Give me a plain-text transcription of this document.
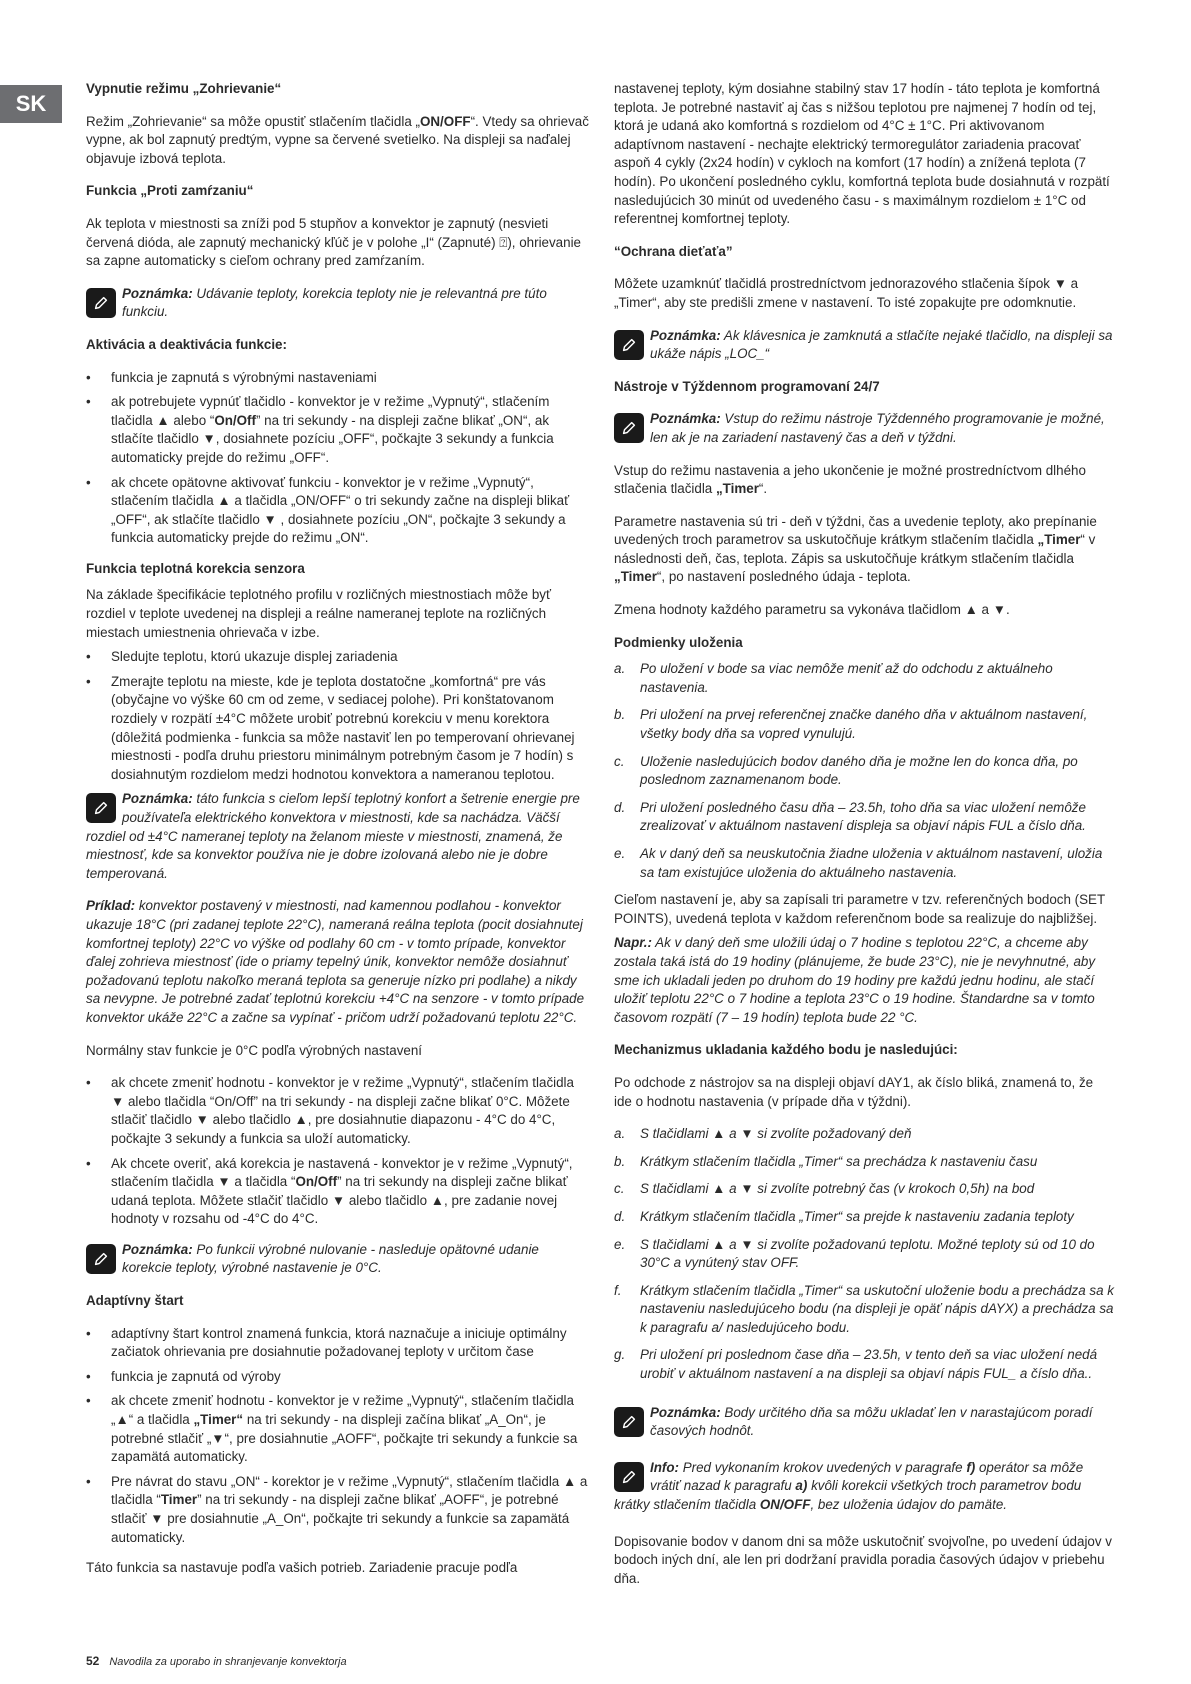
SK
Vypnutie režimu „Zohrievanie“

Režim „Zohrievanie“ sa môže opustiť stlačením tlačidla „ON/OFF“. Vtedy sa ohrievač vypne, ak bol zapnutý predtým, vypne sa červené svetielko. Na displeji sa naďalej objavuje izbová teplota.

Funkcia „Proti zamŕzaniu“

Ak teplota v miestnosti sa zníži pod 5 stupňov a konvektor je zapnutý (nesvieti červená dióda, ale zapnutý mechanický kľúč je v polohe „I“ (Zapnuté) ⍰), ohrievanie sa zapne automaticky s cieľom ochrany pred zamŕzaním.

Poznámka: Udávanie teploty, korekcia teploty nie je relevantná pre túto funkciu.
Aktivácia a deaktivácia funkcie:
• funkcia je zapnutá s výrobnými nastaveniami
• ak potrebujete vypnúť tlačidlo - konvektor je v režime „Vypnutý“, stlačením tlačidla ▲ alebo “On/Off” na tri sekundy - na displeji začne blikať „ON“, ak stlačíte tlačidlo ▼, dosiahnete pozíciu „OFF“, počkajte 3 sekundy a funkcia automaticky prejde do režimu „OFF“.
• ak chcete opätovne aktivovať funkciu - konvektor je v režime „Vypnutý“, stlačením tlačidla ▲ a tlačidla „ON/OFF“ o tri sekundy začne na displeji blikať „OFF“, ak stlačíte tlačidlo ▼ , dosiahnete pozíciu „ON“, počkajte 3 sekundy a funkcia automaticky prejde do režimu „ON“.
Funkcia teplotná korekcia senzora

Na základe špecifikácie teplotného profilu v rozličných miestnostiach môže byť rozdiel v teplote uvedenej na displeji a reálne nameranej teplote na rozličných miestach umiestnenia ohrievača v izbe.

• Sledujte teplotu, ktorú ukazuje displej zariadenia
• Zmerajte teplotu na mieste, kde je teplota dostatočne „komfortná“ pre vás (obyčajne vo výške 60 cm od zeme, v sediacej polohe). Pri konštatovanom rozdiely v rozpätí ±4°C môžete urobiť potrebnú korekciu v menu korektora (dôležitá podmienka - funkcia sa môže nastaviť len po temperovaní ohrievanej miestnosti - podľa druhu priestoru minimálnym potrebným časom je 7 hodín) s dosiahnutým rozdielom medzi hodnotou konvektora a nameranou teplotou.
Poznámka: táto funkcia s cieľom lepší teplotný konfort a šetrenie energie pre používateľa elektrického konvektora v miestnosti, kde sa nachádza. Väčší rozdiel od ±4°C nameranej teploty na želanom mieste v miestnosti, znamená, že miestnosť, kde sa konvektor používa nie je dobre izolovaná alebo nie je dobre temperovaná.

Príklad: konvektor postavený v miestnosti, nad kamennou podlahou - konvektor ukazuje 18°C (pri zadanej teplote 22°C), nameraná reálna teplota (pocit dosiahnutej komfortnej teploty) 22°C vo výške od podlahy 60 cm - v tomto prípade, konvektor ďalej zohrieva miestnosť (ide o priamy tepelný únik, konvektor nemôže dosiahnuť požadovanú teplotu nakoľko meraná teplota sa generuje nízko pri podlahe) a nikdy sa nevypne. Je potrebné zadať teplotnú korekciu +4°C na senzore - v tomto prípade konvektor ukáže 22°C a začne sa vypínať - pričom udrží požadovanú teplotu 22°C.

Normálny stav funkcie je 0°C podľa výrobných nastavení

• ak chcete zmeniť hodnotu - konvektor je v režime „Vypnutý“, stlačením tlačidla ▼ alebo tlačidla “On/Off” na tri sekundy - na displeji začne blikať 0°C. Môžete stlačiť tlačidlo ▼ alebo tlačidlo ▲, pre dosiahnutie diapazonu - 4°C do 4°C, počkajte 3 sekundy a funkcia sa uloží automaticky.
• Ak chcete overiť, aká korekcia je nastavená - konvektor je v režime „Vypnutý“, stlačením tlačidla ▼ a tlačidla “On/Off” na tri sekundy na displeji začne blikať udaná teplota. Môžete stlačiť tlačidlo ▼ alebo tlačidlo ▲, pre zadanie novej hodnoty v rozsahu od -4°C do 4°C.
Poznámka: Po funkcii výrobné nulovanie - nasleduje opätovné udanie korekcie teploty, výrobné nastavenie je 0°C.
Adaptívny štart
• adaptívny štart kontrol znamená funkcia, ktorá naznačuje a iniciuje optimálny začiatok ohrievania pre dosiahnutie požadovanej teploty v určitom čase
• funkcia je zapnutá od výroby
• ak chcete zmeniť hodnotu - konvektor je v režime „Vypnutý“, stlačením tlačidla „▲“ a tlačidla „Timer“ na tri sekundy - na displeji začína blikať „A_On“, je potrebné stlačiť „▼“, pre dosiahnutie „AOFF“, počkajte tri sekundy a funkcie sa zapamätá automaticky.
• Pre návrat do stavu „ON“ - korektor je v režime „Vypnutý“, stlačením tlačidla ▲ a tlačidla “Timer” na tri sekundy - na displeji začne blikať „AOFF“, je potrebné stlačiť ▼ pre dosiahnutie „A_On“, počkajte tri sekundy a funkcie sa zapamätá automaticky.

Táto funkcia sa nastavuje podľa vašich potrieb. Zariadenie pracuje podľa

nastavenej teploty, kým dosiahne stabilný stav 17 hodín - táto teplota je komfortná teplota. Je potrebné nastaviť aj čas s nižšou teplotou pre najmenej 7 hodín od tej, ktorá je udaná ako komfortná s rozdielom od 4°C ± 1°C. Pri aktivovanom adaptívnom nastavení - nechajte elektrický termoregulátor zariadenia pracovať aspoň 4 cykly (2x24 hodín) v cykloch na komfort (17 hodín) a znížená teplota (7 hodín). Po ukončení posledného cyklu, komfortná teplota bude dosiahnutá v rozpätí nasledujúcich 30 minút od uvedeného času - s maximálnym rozdielom ± 1°C od referentnej komfortnej teploty.

“Ochrana dieťaťa”

Môžete uzamknúť tlačidlá prostredníctvom jednorazového stlačenia šípok ▼ a „Timer“, aby ste predišli zmene v nastavení. To isté zopakujte pre odomknutie.

Poznámka: Ak klávesnica je zamknutá a stlačíte nejaké tlačidlo, na displeji sa ukáže nápis „LOC_“
Nástroje v Týždennom programovaní 24/7
Poznámka: Vstup do režimu nástroje Týždenného programovanie je možné, len ak je na zariadení nastavený čas a deň v týždni.

Vstup do režimu nastavenia a jeho ukončenie je možné prostredníctvom dlhého stlačenia tlačidla „Timer“.

Parametre nastavenia sú tri - deň v týždni, čas a uvedenie teploty, ako prepínanie uvedených troch parametrov sa uskutočňuje krátkym stlačením tlačidla „Timer“ v následnosti deň, čas, teplota. Zápis sa uskutočňuje krátkym stlačením tlačidla „Timer“, po nastavení posledného údaja - teplota.

Zmena hodnoty každého parametru sa vykonáva tlačidlom ▲ a ▼.

Podmienky uloženia
a. Po uložení v bode sa viac nemôže meniť až do odchodu z aktuálneho nastavenia.
b. Pri uložení na prvej referenčnej značke daného dňa v aktuálnom nastavení, všetky body dňa sa vopred vynulujú.
c. Uloženie nasledujúcich bodov daného dňa je možne len do konca dňa, po poslednom zaznamenanom bode.
d. Pri uložení posledného času dňa – 23.5h, toho dňa sa viac uložení nemôže zrealizovať v aktuálnom nastavení displeja sa objaví nápis FUL a číslo dňa.
e. Ak v daný deň sa neuskutočnia žiadne uloženia v aktuálnom nastavení, uložia sa tam existujúce uloženia do aktuálneho nastavenia.

Cieľom nastavení je, aby sa zapísali tri parametre v tzv. referenčných bodoch (SET POINTS), uvedená teplota v každom referenčnom bode sa realizuje do najbližšej.

Napr.: Ak v daný deň sme uložili údaj o 7 hodine s teplotou 22°C, a chceme aby zostala taká istá do 19 hodiny (plánujeme, že bude 23°C), nie je nevyhnutné, aby sme ich ukladali jeden po druhom do 19 hodiny pre každú jednu hodinu, ale stačí uložiť teplotu 22°C o 7 hodine a teplota 23°C o 19 hodine. Štandardne sa v tomto časovom rozpätí (7 – 19 hodín) teplota bude 22 °C.

Mechanizmus ukladania každého bodu je nasledujúci:

Po odchode z nástrojov sa na displeji objaví dAY1, ak číslo bliká, znamená to, že ide o hodnotu nastavenia (v prípade dňa v týždni).

a. S tlačidlami ▲ a ▼ si zvolíte požadovaný deň
b. Krátkym stlačením tlačidla „Timer“ sa prechádza k nastaveniu času
c. S tlačidlami ▲ a ▼ si zvolíte potrebný čas (v krokoch 0,5h) na bod
d. Krátkym stlačením tlačidla „Timer“ sa prejde k nastaveniu zadania teploty
e. S tlačidlami ▲ a ▼ si zvolíte požadovanú teplotu. Možné teploty sú od 10 do 30°C a vynútený stav OFF.
f. Krátkym stlačením tlačidla „Timer“ sa uskutoční uloženie bodu a prechádza sa k nastaveniu nasledujúceho bodu (na displeji je opäť nápis dAYX) a prechádza sa k paragrafu a/ nasledujúceho bodu.
g. Pri uložení pri poslednom čase dňa – 23.5h, v tento deň sa viac uložení nedá urobiť v aktuálnom nastavení a na displeji sa objaví nápis FUL_ a číslo dňa..
Poznámka: Body určitého dňa sa môžu ukladať len v narastajúcom poradí časových hodnôt.
Info: Pred vykonaním krokov uvedených v paragrafe f) operátor sa môže vrátiť nazad k paragrafu a) kvôli korekcii všetkých troch parametrov bodu krátky stlačením tlačidla ON/OFF, bez uloženia údajov do pamäte.

Dopisovanie bodov v danom dni sa môže uskutočniť svojvoľne, po uvedení údajov v bodoch iných dní, ale len pri dodržaní pravidla poradia časových údajov v priebehu dňa.

52 Navodila za uporabo in shranjevanje konvektorja
